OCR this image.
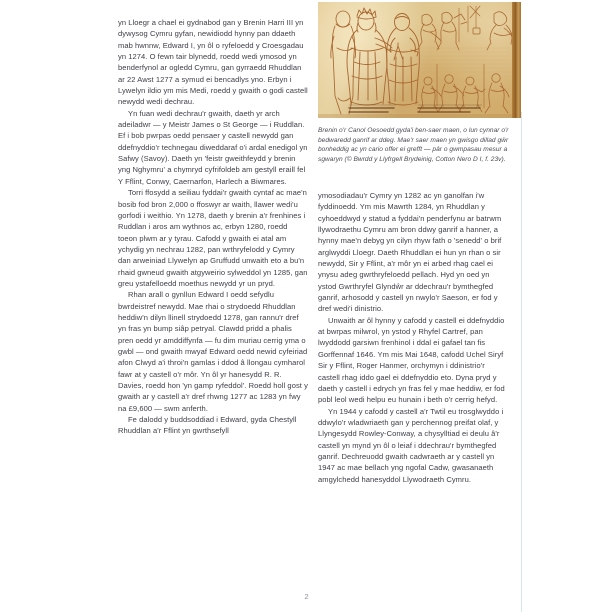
yn Lloegr a chael ei gydnabod gan y Brenin Harri III yn dywysog Cymru gyfan, newidiodd hynny pan ddaeth mab hwnnw, Edward I, yn ôl o ryfeloedd y Croesgadau yn 1274. O fewn tair blynedd, roedd wedi ymosod yn benderfynol ar ogledd Cymru, gan gyrraedd Rhuddlan ar 22 Awst 1277 a symud ei bencadlys yno. Erbyn i Lywelyn ildio ym mis Medi, roedd y gwaith o godi castell newydd wedi dechrau.

Yn fuan wedi dechrau'r gwaith, daeth yr arch adeiladwr — y Meistr James o St George — i Ruddlan. Ef i bob pwrpas oedd pensaer y castell newydd gan ddefnyddio'r technegau diweddaraf o'i ardal enedigol yn Safwy (Savoy). Daeth yn 'feistr gweithfeydd y brenin yng Nghymru' a chymryd cyfrifoldeb am gestyll eraill fel Y Fflint, Conwy, Caernarfon, Harlech a Biwmares.

Torri ffosydd a seiliau fyddai'r gwaith cyntaf ac mae'n bosib fod bron 2,000 o ffoswyr ar waith, llawer wedi'u gorfodi i weithio. Yn 1278, daeth y brenin a'r frenhines i Ruddlan i aros am wythnos ac, erbyn 1280, roedd toeon plwm ar y tyrau. Cafodd y gwaith ei atal am ychydig yn nechrau 1282, pan wrthryfelodd y Cymry dan arweiniad Llywelyn ap Gruffudd unwaith eto a bu'n rhaid gwneud gwaith atgyweirio sylweddol yn 1285, gan greu ystafelloedd moethus newydd yr un pryd.

Rhan arall o gynllun Edward I oedd sefydlu bwrdeistref newydd. Mae rhai o strydoedd Rhuddlan heddiw'n dilyn llinell strydoedd 1278, gan rannu'r dref yn fras yn bump siâp petryal. Clawdd pridd a phalis pren oedd yr amddiffynfa — fu dim muriau cerrig yma o gwbl — ond gwaith mwyaf Edward oedd newid cyfeiriad afon Clwyd a'i throi'n gamlas i ddod â llongau cymharol fawr at y castell o'r môr. Yn ôl yr hanesydd R. R. Davies, roedd hon 'yn gamp ryfeddol'. Roedd holl gost y gwaith ar y castell a'r dref rhwng 1277 ac 1283 yn fwy na £9,600 — swm anferth.

Fe dalodd y buddsoddiad i Edward, gyda Chestyll Rhuddlan a'r Fflint yn gwrthsefyll

Brenin o'r Canol Oesoedd gyda'i ben-saer maen, o lun cynnar o'r bedwaredd ganrif ar ddeg. Mae'r saer maen yn gwisgo dillad gŵr bonheddig ac yn cario offer ei grefft — pâr o gwmpasau mesur a sgwaryn (© Bwrdd y Llyfrgell Brydeinig, Cotton Nero D I, f. 23v).

ymosodiadau'r Cymry yn 1282 ac yn ganolfan i'w fyddinoedd. Ym mis Mawrth 1284, yn Rhuddlan y cyhoeddwyd y statud a fyddai'n penderfynu ar batrwm llywodraethu Cymru am bron ddwy ganrif a hanner, a hynny mae'n debyg yn cilyn rhyw fath o 'senedd' o brif arglwyddi Lloegr. Daeth Rhuddlan ei hun yn rhan o sir newydd, Sir y Fflint, a'r môr yn ei arbed rhag cael ei ynysu adeg gwrthryfeloedd pellach. Hyd yn oed yn ystod Gwrthryfel Glyndŵr ar ddechrau'r bymthegfed ganrif, arhosodd y castell yn nwylo'r Saeson, er fod y dref wedi'i dinistrio.

Unwaith ar ôl hynny y cafodd y castell ei ddefnyddio at bwrpas milwrol, yn ystod y Rhyfel Cartref, pan lwyddodd garsiwn frenhinol i ddal ei gafael tan fis Gorffennaf 1646. Ym mis Mai 1648, cafodd Uchel Siryf Sir y Fflint, Roger Hanmer, orchymyn i ddinistrio'r castell rhag iddo gael ei ddefnyddio eto. Dyna pryd y daeth y castell i edrych yn fras fel y mae heddiw, er fod pobl leol wedi helpu eu hunain i beth o'r cerrig hefyd.

Yn 1944 y cafodd y castell a'r Twtil eu trosglwyddo i ddwylo'r wladwriaeth gan y perchennog preifat olaf, y Llyngesydd Rowley-Conway, a chysylltiad ei deulu â'r castell yn mynd yn ôl o leiaf i ddechrau'r bymthegfed ganrif. Dechreuodd gwaith cadwraeth ar y castell yn 1947 ac mae bellach yng ngofal Cadw, gwasanaeth amgylchedd hanesyddol Llywodraeth Cymru.

2
